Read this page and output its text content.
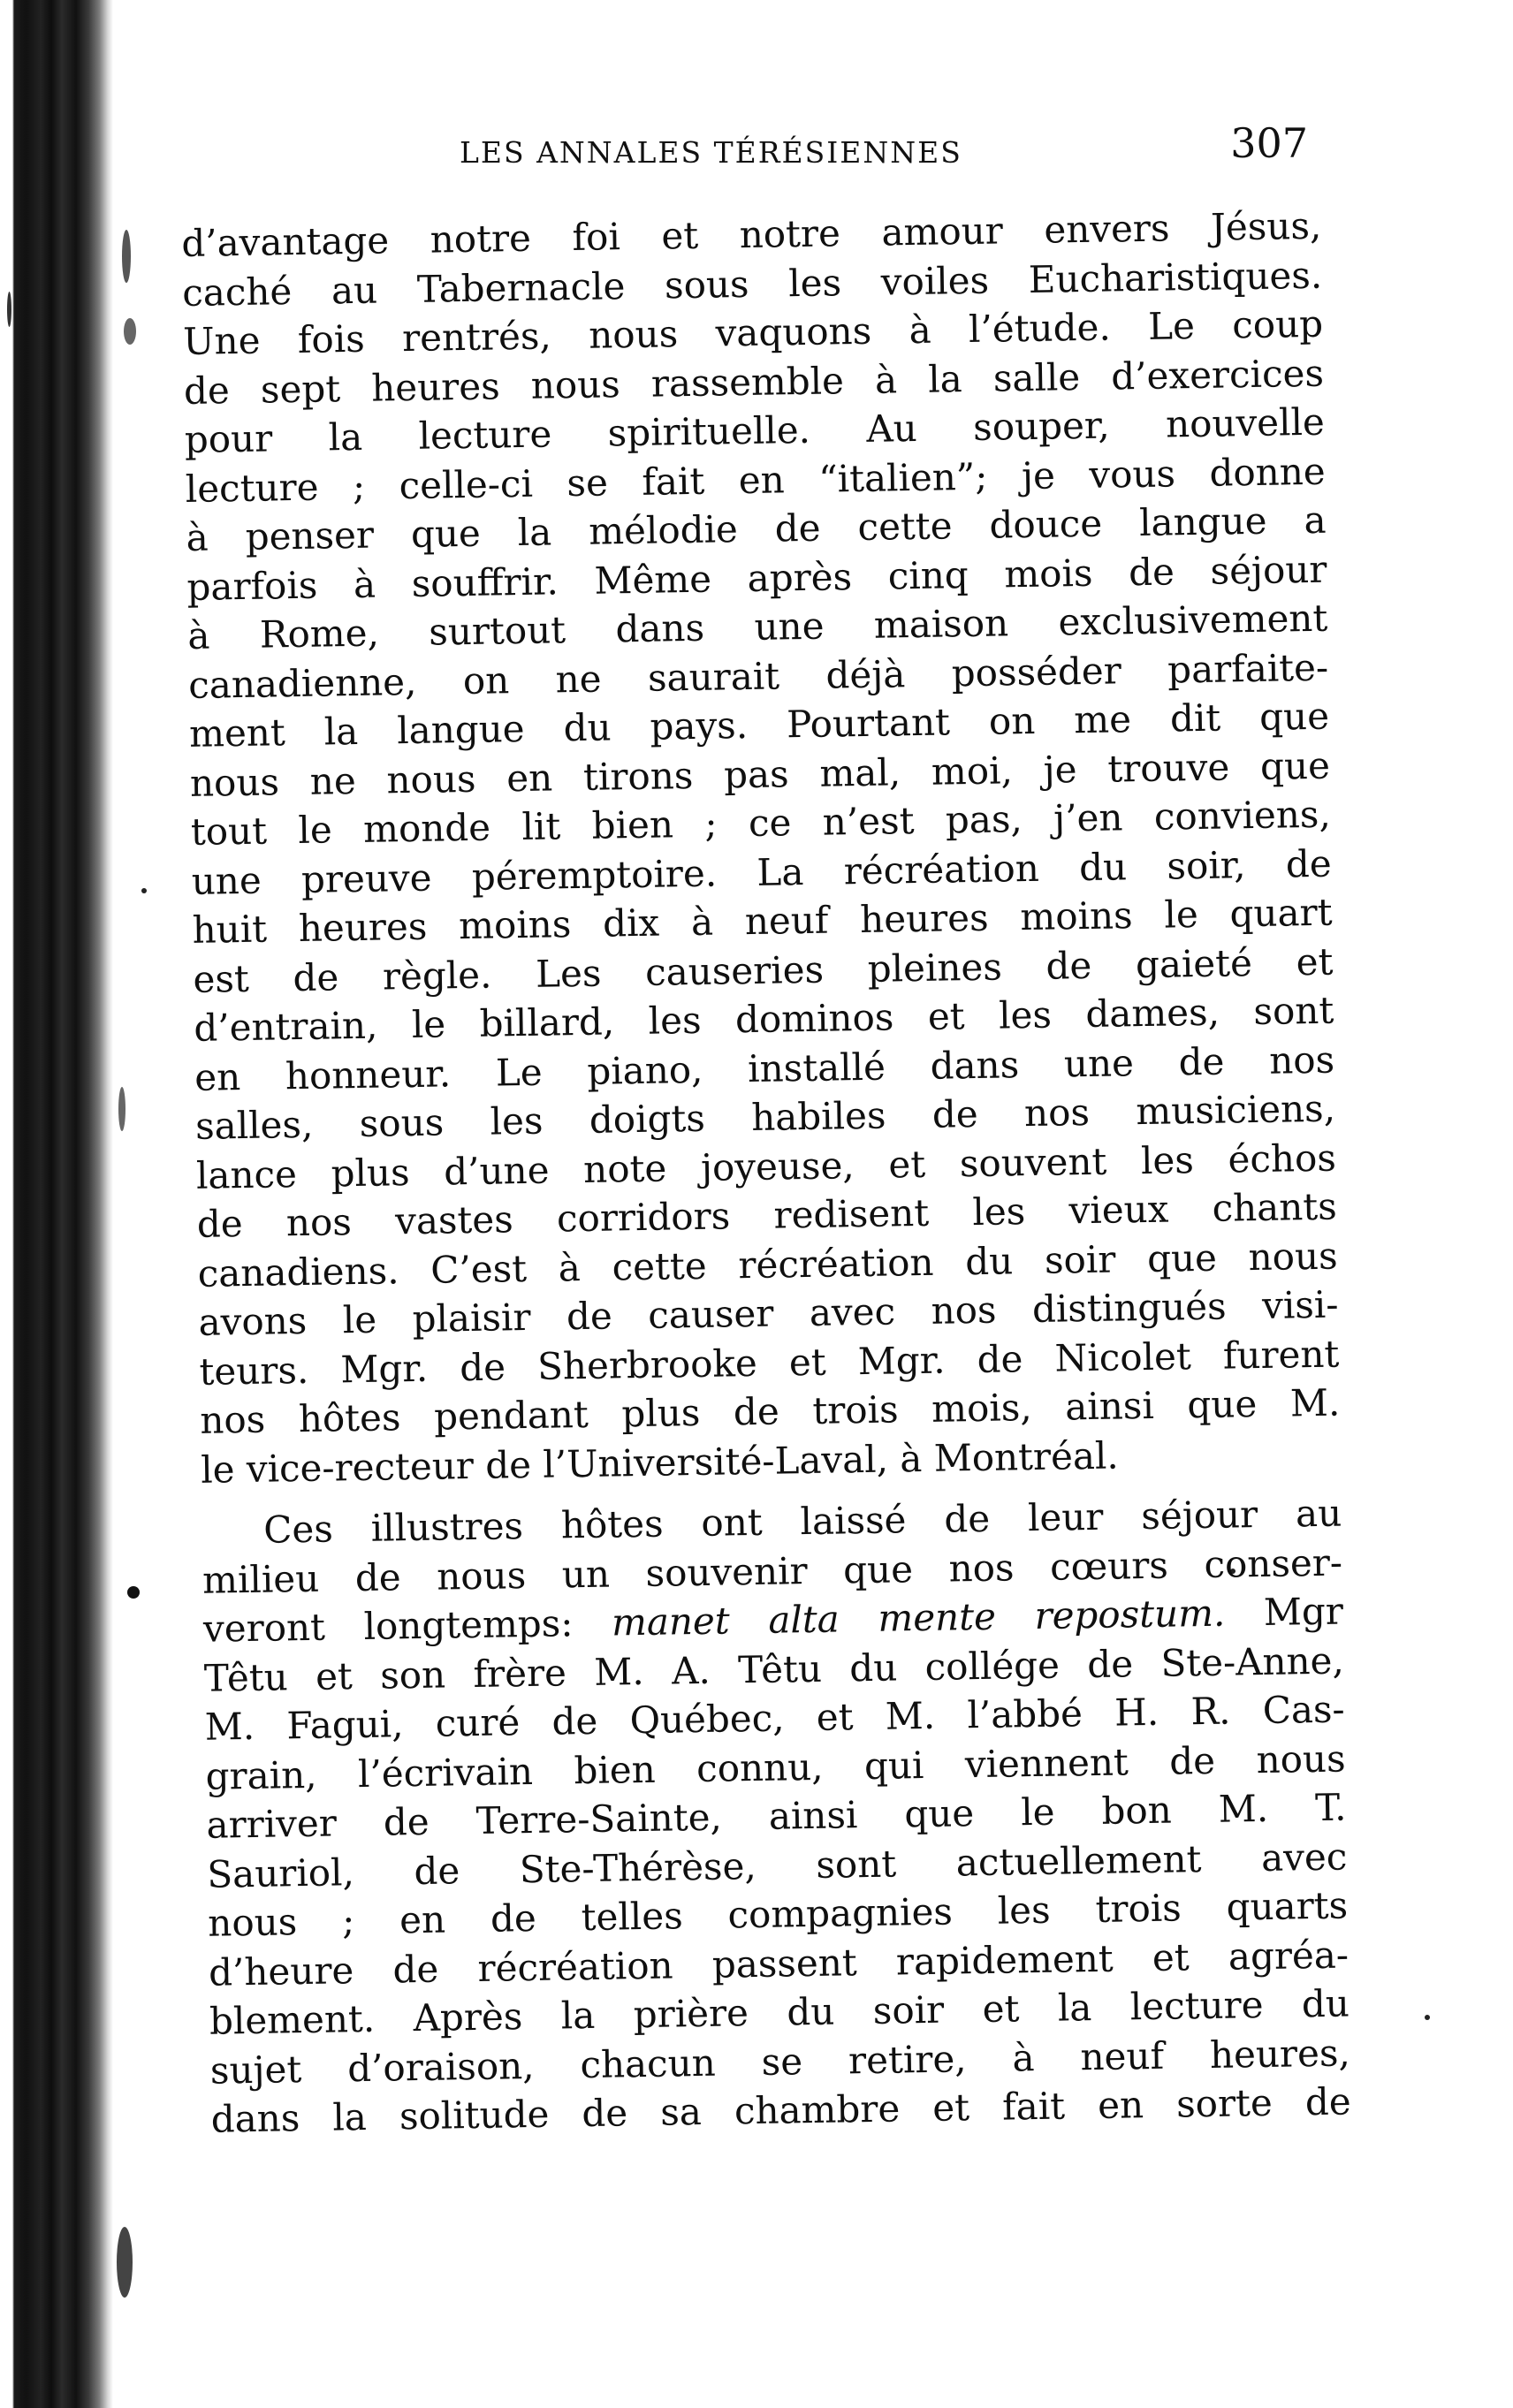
LES ANNALES TÉRÉSIENNES	307
d’avantage notre foi et notre amour envers Jésus,
caché au Tabernacle sous les voiles Eucharistiques.
Une fois rentrés, nous vaquons à l’étude. Le coup
de sept heures nous rassemble à la salle d’exercices
pour la lecture spirituelle. Au souper, nouvelle
lecture ; celle-ci se fait en “italien”; je vous donne
à penser que la mélodie de cette douce langue a
parfois à souffrir. Même après cinq mois de séjour
à Rome, surtout dans une maison exclusivement
canadienne, on ne saurait déjà posséder parfaite-
ment la langue du pays. Pourtant on me dit que
nous ne nous en tirons pas mal, moi, je trouve que
tout le monde lit bien ; ce n’est pas, j’en conviens,
une preuve péremptoire. La récréation du soir, de
huit heures moins dix à neuf heures moins le quart
est de règle. Les causeries pleines de gaieté et
d’entrain, le billard, les dominos et les dames, sont
en honneur. Le piano, installé dans une de nos
salles, sous les doigts habiles de nos musiciens,
lance plus d’une note joyeuse, et souvent les échos
de nos vastes corridors redisent les vieux chants
canadiens. C’est à cette récréation du soir que nous
avons le plaisir de causer avec nos distingués visi-
teurs. Mgr. de Sherbrooke et Mgr. de Nicolet furent
nos hôtes pendant plus de trois mois, ainsi que M.
le vice-recteur de l’Université-Laval, à Montréal.
Ces illustres hôtes ont laissé de leur séjour au
milieu de nous un souvenir que nos cœurs conser-
veront longtemps: manet alta mente repostum. Mgr
Têtu et son frère M. A. Têtu du collége de Ste-Anne,
M. Fagui, curé de Québec, et M. l’abbé H. R. Cas-
grain, l’écrivain bien connu, qui viennent de nous
arriver de Terre-Sainte, ainsi que le bon M. T.
Sauriol, de Ste-Thérèse, sont actuellement avec
nous ; en de telles compagnies les trois quarts
d’heure de récréation passent rapidement et agréa-
blement. Après la prière du soir et la lecture du
sujet d’oraison, chacun se retire, à neuf heures,
dans la solitude de sa chambre et fait en sorte de
